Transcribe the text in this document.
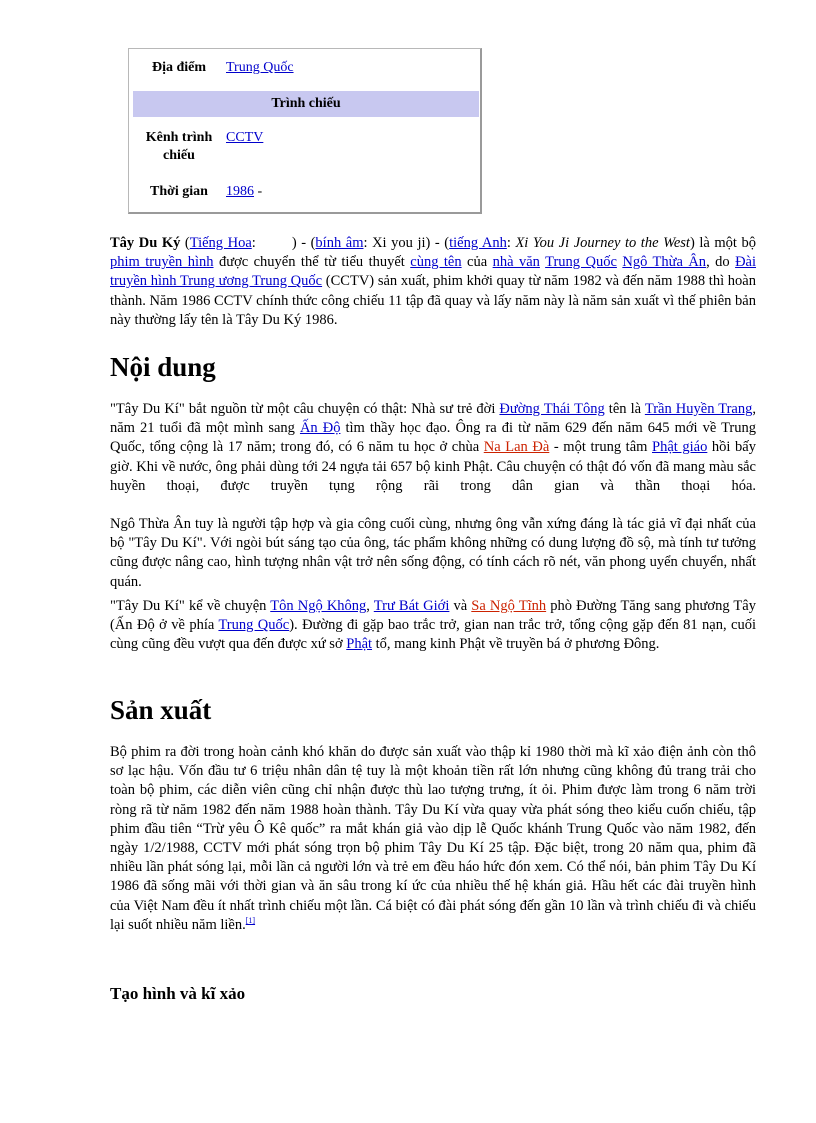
Địa điểm	Trung Quốc
Trình chiếu
Kênh trình chiếu
CCTV
Thời gian	1986 -

Tây Du Ký (Tiếng Hoa: ) - (bính âm: Xi you ji) - (tiếng Anh: Xi You Ji Journey to the West) là một bộ phim truyền hình được chuyển thể từ tiểu thuyết cùng tên của nhà văn Trung Quốc Ngô Thừa Ân, do Đài truyền hình Trung ương Trung Quốc (CCTV) sản xuất, phim khởi quay từ năm 1982 và đến năm 1988 thì hoàn thành. Năm 1986 CCTV chính thức công chiếu 11 tập đã quay và lấy năm này là năm sản xuất vì thế phiên bản này thường lấy tên là Tây Du Ký 1986.

Nội dung

"Tây Du Kí" bắt nguồn từ một câu chuyện có thật: Nhà sư trẻ đời Đường Thái Tông tên là Trần Huyền Trang, năm 21 tuổi đã một mình sang Ấn Độ tìm thầy học đạo. Ông ra đi từ năm 629 đến năm 645 mới về Trung Quốc, tổng cộng là 17 năm; trong đó, có 6 năm tu học ở chùa Na Lan Đà - một trung tâm Phật giáo hồi bấy giờ. Khi về nước, ông phải dùng tới 24 ngựa tải 657 bộ kinh Phật. Câu chuyện có thật đó vốn đã mang màu sắc huyền thoại, được truyền tụng rộng rãi trong dân gian và thần thoại hóa.

Ngô Thừa Ân tuy là người tập hợp và gia công cuối cùng, nhưng ông vẫn xứng đáng là tác giả vĩ đại nhất của bộ "Tây Du Kí". Với ngòi bút sáng tạo của ông, tác phẩm không những có dung lượng đồ sộ, mà tính tư tưởng cũng được nâng cao, hình tượng nhân vật trở nên sống động, có tính cách rõ nét, văn phong uyển chuyển, nhất quán.

"Tây Du Kí" kể về chuyện Tôn Ngộ Không, Trư Bát Giới và Sa Ngộ Tĩnh phò Đường Tăng sang phương Tây (Ấn Độ ở về phía Trung Quốc). Đường đi gặp bao trắc trở, gian nan trắc trở, tổng cộng gặp đến 81 nạn, cuối cùng cũng đều vượt qua đến được xứ sở Phật tổ, mang kinh Phật về truyền bá ở phương Đông.

Sản xuất

Bộ phim ra đời trong hoàn cảnh khó khăn do được sản xuất vào thập kỉ 1980 thời mà kĩ xảo điện ảnh còn thô sơ lạc hậu. Vốn đầu tư 6 triệu nhân dân tệ tuy là một khoản tiền rất lớn nhưng cũng không đủ trang trải cho toàn bộ phim, các diễn viên cũng chỉ nhận được thù lao tượng trưng, ít ỏi. Phim được làm trong 6 năm trời ròng rã từ năm 1982 đến năm 1988 hoàn thành. Tây Du Kí vừa quay vừa phát sóng theo kiểu cuốn chiếu, tập phim đầu tiên “Trừ yêu Ô Kê quốc” ra mắt khán giả vào dịp lễ Quốc khánh Trung Quốc vào năm 1982, đến ngày 1/2/1988, CCTV mới phát sóng trọn bộ phim Tây Du Kí 25 tập. Đặc biệt, trong 20 năm qua, phim đã nhiều lần phát sóng lại, mỗi lần cả người lớn và trẻ em đều háo hức đón xem. Có thể nói, bản phim Tây Du Kí 1986 đã sống mãi với thời gian và ăn sâu trong kí ức của nhiều thế hệ khán giả. Hầu hết các đài truyền hình của Việt Nam đều ít nhất trình chiếu một lần. Cá biệt có đài phát sóng đến gần 10 lần và trình chiếu đi và chiếu lại suốt nhiều năm liền.[1]

Tạo hình và kĩ xảo
